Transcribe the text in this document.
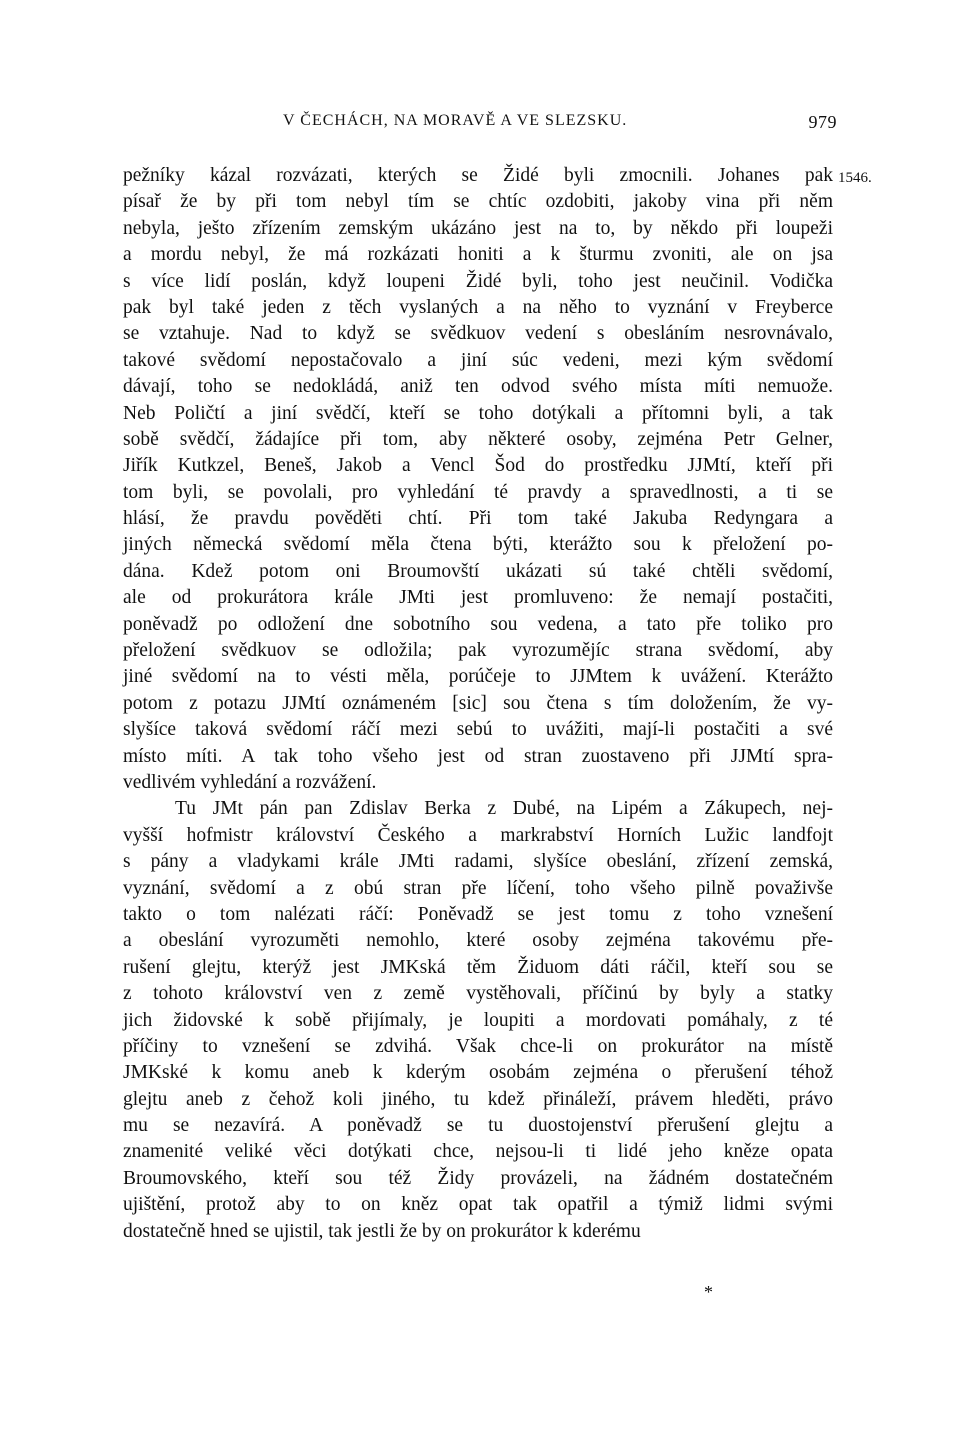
V ČECHÁCH, NA MORAVĚ A VE SLEZSKU.	979
1546.
pežníky kázal rozvázati, kterých se Židé byli zmocnili. Johanes pak
písař že by při tom nebyl tím se chtíc ozdobiti, jakoby vina při něm
nebyla, ješto zřízením zemským ukázáno jest na to, by někdo při loupeži
a mordu nebyl, že má rozkázati honiti a k šturmu zvoniti, ale on jsa
s více lidí poslán, když loupeni Židé byli, toho jest neučinil. Vodička
pak byl také jeden z těch vyslaných a na něho to vyznání v Freyberce
se vztahuje. Nad to když se svědkuov vedení s obesláním nesrovnávalo,
takové svědomí nepostačovalo a jiní súc vedeni, mezi kým svědomí
dávají, toho se nedokládá, aniž ten odvod svého místa míti nemuože.
Neb Poličtí a jiní svědčí, kteří se toho dotýkali a přítomni byli, a tak
sobě svědčí, žádajíce při tom, aby některé osoby, zejména Petr Gelner,
Jiřík Kutkzel, Beneš, Jakob a Vencl Šod do prostředku JJMtí, kteří při
tom byli, se povolali, pro vyhledání té pravdy a spravedlnosti, a ti se
hlásí, že pravdu pověděti chtí. Při tom také Jakuba Redyngara a
jiných německá svědomí měla čtena býti, kterážto sou k přeložení po-
dána. Kdež potom oni Broumovští ukázati sú také chtěli svědomí,
ale od prokurátora krále JMti jest promluveno: že nemají postačiti,
poněvadž po odložení dne sobotního sou vedena, a tato pře toliko pro
přeložení svědkuov se odložila; pak vyrozumějíc strana svědomí, aby
jiné svědomí na to vésti měla, porúčeje to JJMtem k uvážení. Kterážto
potom z potazu JJMtí oznámeném [sic] sou čtena s tím doložením, že vy-
slyšíce taková svědomí ráčí mezi sebú to uvážiti, mají-li postačiti a své
místo míti. A tak toho všeho jest od stran zuostaveno při JJMtí spra-
vedlivém vyhledání a rozvážení.
Tu JMt pán pan Zdislav Berka z Dubé, na Lipém a Zákupech, nej-
vyšší hofmistr království Českého a markrabství Horních Lužic landfojt
s pány a vladykami krále JMti radami, slyšíce obeslání, zřízení zemská,
vyznání, svědomí a z obú stran pře líčení, toho všeho pilně považivše
takto o tom nalézati ráčí: Poněvadž se jest tomu z toho vznešení
a obeslání vyrozuměti nemohlo, které osoby zejména takovému pře-
rušení glejtu, kterýž jest JMKská těm Židuom dáti ráčil, kteří sou se
z tohoto království ven z země vystěhovali, příčinú by byly a statky
jich židovské k sobě přijímaly, je loupiti a mordovati pomáhaly, z té
příčiny to vznešení se zdvihá. Však chce-li on prokurátor na místě
JMKské k komu aneb k kderým osobám zejména o přerušení téhož
glejtu aneb z čehož koli jiného, tu kdež přináleží, právem hleděti, právo
mu se nezavírá. A poněvadž se tu duostojenství přerušení glejtu a
znamenité veliké věci dotýkati chce, nejsou-li ti lidé jeho kněze opata
Broumovského, kteří sou též Židy provázeli, na žádném dostatečném
ujištění, protož aby to on kněz opat tak opatřil a týmiž lidmi svými
dostatečně hned se ujistil, tak jestli že by on prokurátor k kderému
*
